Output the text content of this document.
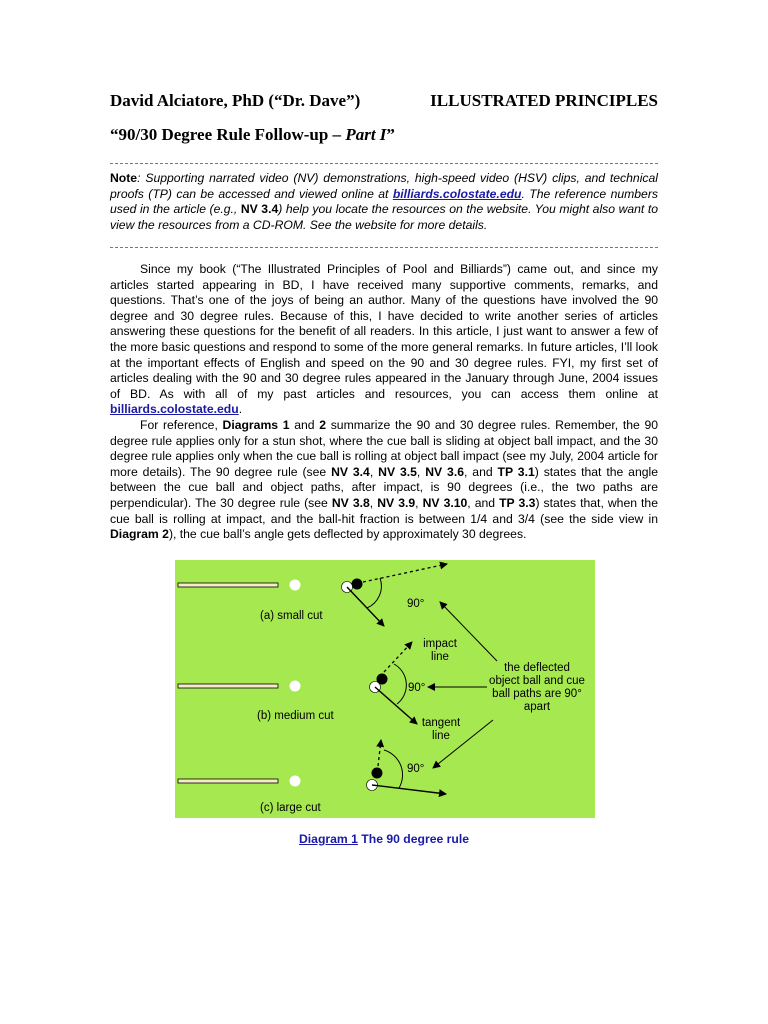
David Alciatore, PhD (“Dr. Dave”)	ILLUSTRATED PRINCIPLES
“90/30 Degree Rule Follow-up – Part I”
Note: Supporting narrated video (NV) demonstrations, high-speed video (HSV) clips, and technical proofs (TP) can be accessed and viewed online at billiards.colostate.edu. The reference numbers used in the article (e.g., NV 3.4) help you locate the resources on the website. You might also want to view the resources from a CD-ROM. See the website for more details.
Since my book (“The Illustrated Principles of Pool and Billiards”) came out, and since my articles started appearing in BD, I have received many supportive comments, remarks, and questions. That’s one of the joys of being an author. Many of the questions have involved the 90 degree and 30 degree rules. Because of this, I have decided to write another series of articles answering these questions for the benefit of all readers. In this article, I just want to answer a few of the more basic questions and respond to some of the more general remarks. In future articles, I’ll look at the important effects of English and speed on the 90 and 30 degree rules. FYI, my first set of articles dealing with the 90 and 30 degree rules appeared in the January through June, 2004 issues of BD. As with all of my past articles and resources, you can access them online at billiards.colostate.edu.
For reference, Diagrams 1 and 2 summarize the 90 and 30 degree rules. Remember, the 90 degree rule applies only for a stun shot, where the cue ball is sliding at object ball impact, and the 30 degree rule applies only when the cue ball is rolling at object ball impact (see my July, 2004 article for more details). The 90 degree rule (see NV 3.4, NV 3.5, NV 3.6, and TP 3.1) states that the angle between the cue ball and object paths, after impact, is 90 degrees (i.e., the two paths are perpendicular). The 30 degree rule (see NV 3.8, NV 3.9, NV 3.10, and TP 3.3) states that, when the cue ball is rolling at impact, and the ball-hit fraction is between 1/4 and 3/4 (see the side view in Diagram 2), the cue ball’s angle gets deflected by approximately 30 degrees.
(a) small cut
(b) medium cut
(c) large cut
90°
90°
90°
impact line
tangent line
the deflected object ball and cue ball paths are 90° apart
Diagram 1 The 90 degree rule
